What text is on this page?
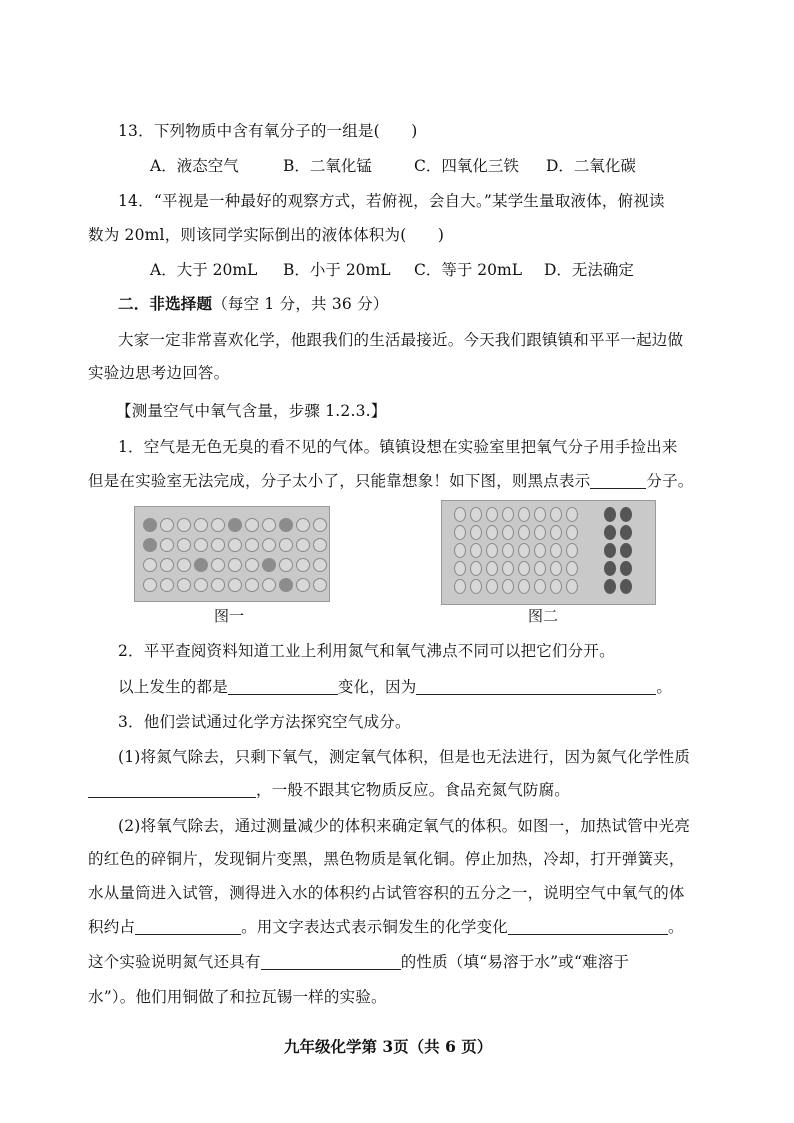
13．下列物质中含有氧分子的一组是(　　)
A．液态空气	B．二氧化锰	C．四氧化三铁 D．二氧化碳
14．“平视是一种最好的观察方式，若俯视，会自大。”某学生量取液体，俯视读
数为 20ml，则该同学实际倒出的液体体积为(　　)
A．大于 20mL B．小于 20mL C．等于 20mL D．无法确定
二．非选择题（每空 1 分，共 36 分）
大家一定非常喜欢化学，他跟我们的生活最接近。今天我们跟镇镇和平平一起边做
实验边思考边回答。
【测量空气中氧气含量，步骤 1.2.3.】
1．空气是无色无臭的看不见的气体。镇镇设想在实验室里把氧气分子用手捡出来
但是在实验室无法完成，分子太小了，只能靠想象！如下图，则黑点表示	分子。
图一	图二
2．平平查阅资料知道工业上利用氮气和氧气沸点不同可以把它们分开。
以上发生的都是	变化，因为	。
3．他们尝试通过化学方法探究空气成分。
(1)将氮气除去，只剩下氧气，测定氧气体积，但是也无法进行，因为氮气化学性质
，一般不跟其它物质反应。食品充氮气防腐。
(2)将氧气除去，通过测量减少的体积来确定氧气的体积。如图一，加热试管中光亮
的红色的碎铜片，发现铜片变黑，黑色物质是氧化铜。停止加热，冷却，打开弹簧夹，
水从量筒进入试管，测得进入水的体积约占试管容积的五分之一，说明空气中氧气的体
积约占	。用文字表达式表示铜发生的化学变化	。
这个实验说明氮气还具有	的性质（填“易溶于水”或“难溶于
水”）。他们用铜做了和拉瓦锡一样的实验。
九年级化学第 3页（共 6 页）
